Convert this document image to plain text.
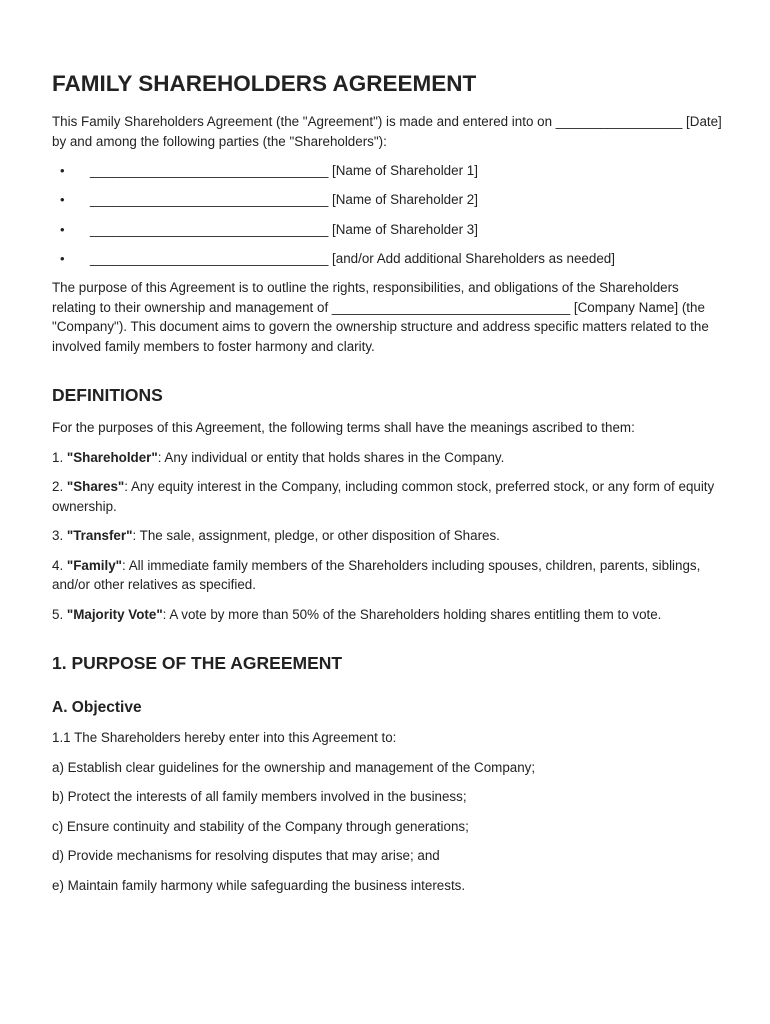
FAMILY SHAREHOLDERS AGREEMENT

This Family Shareholders Agreement (the "Agreement") is made and entered into on _________________ [Date] by and among the following parties (the "Shareholders"):

• ________________________________ [Name of Shareholder 1]
• ________________________________ [Name of Shareholder 2]
• ________________________________ [Name of Shareholder 3]
• ________________________________ [and/or Add additional Shareholders as needed]

The purpose of this Agreement is to outline the rights, responsibilities, and obligations of the Shareholders relating to their ownership and management of ________________________________ [Company Name] (the "Company"). This document aims to govern the ownership structure and address specific matters related to the involved family members to foster harmony and clarity.

DEFINITIONS

For the purposes of this Agreement, the following terms shall have the meanings ascribed to them:

1. "Shareholder": Any individual or entity that holds shares in the Company.

2. "Shares": Any equity interest in the Company, including common stock, preferred stock, or any form of equity ownership.

3. "Transfer": The sale, assignment, pledge, or other disposition of Shares.

4. "Family": All immediate family members of the Shareholders including spouses, children, parents, siblings, and/or other relatives as specified.

5. "Majority Vote": A vote by more than 50% of the Shareholders holding shares entitling them to vote.

1. PURPOSE OF THE AGREEMENT
A. Objective

1.1 The Shareholders hereby enter into this Agreement to:

a) Establish clear guidelines for the ownership and management of the Company;

b) Protect the interests of all family members involved in the business;

c) Ensure continuity and stability of the Company through generations;

d) Provide mechanisms for resolving disputes that may arise; and

e) Maintain family harmony while safeguarding the business interests.
